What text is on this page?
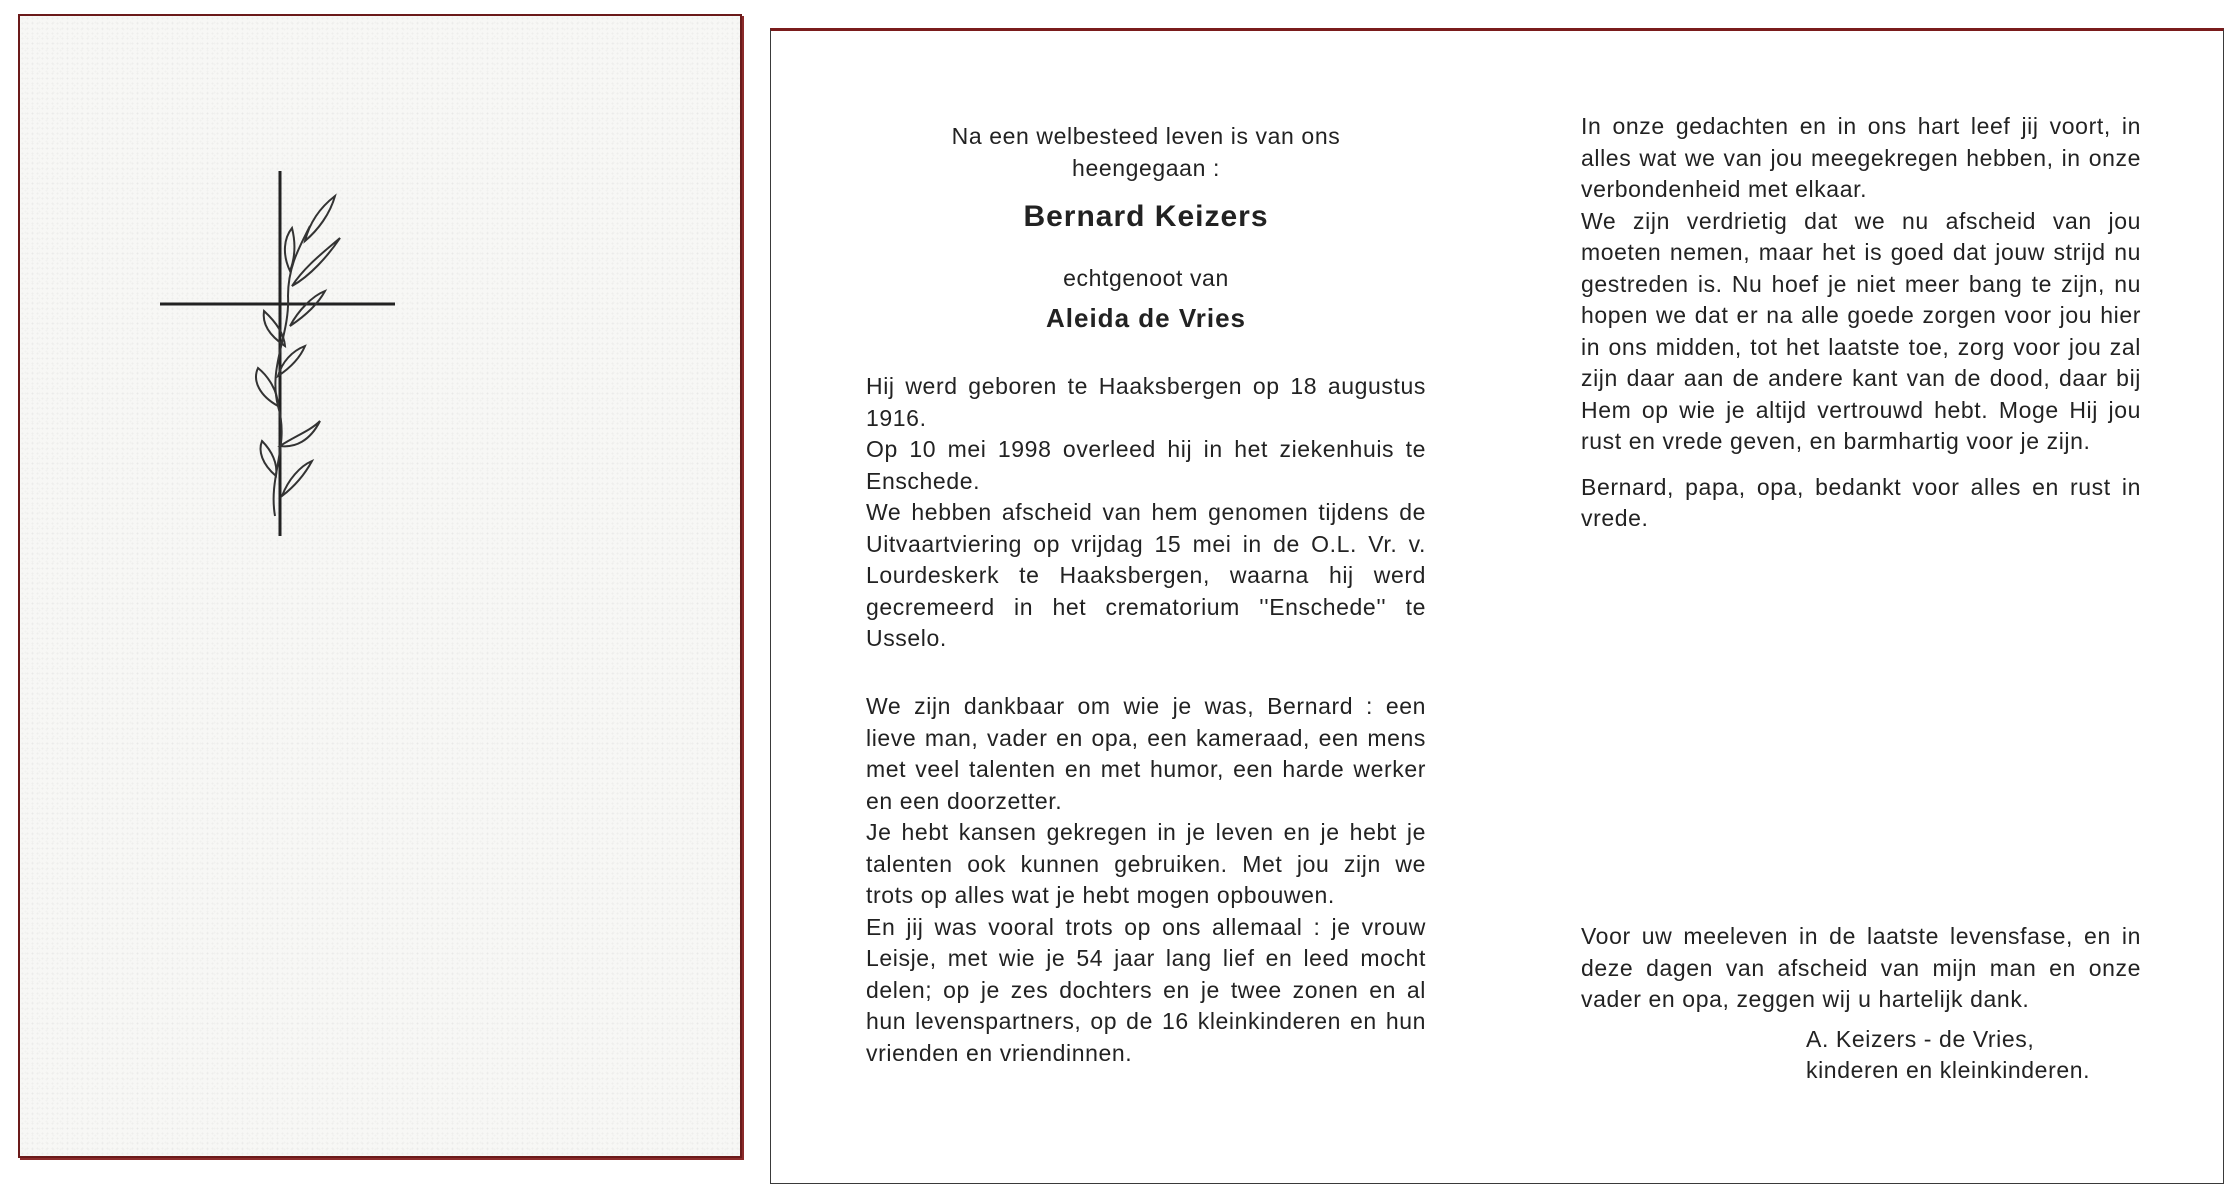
Na een welbesteed leven is van ons heengegaan :

Bernard Keizers

echtgenoot van

Aleida de Vries

Hij werd geboren te Haaksbergen op 18 augustus 1916.

Op 10 mei 1998 overleed hij in het ziekenhuis te Enschede.

We hebben afscheid van hem genomen tijdens de Uitvaartviering op vrijdag 15 mei in de O.L. Vr. v. Lourdeskerk te Haaksbergen, waarna hij werd gecremeerd in het crematorium ''Enschede'' te Usselo.

We zijn dankbaar om wie je was, Bernard : een lieve man, vader en opa, een kameraad, een mens met veel talenten en met humor, een harde werker en een doorzetter.

Je hebt kansen gekregen in je leven en je hebt je talenten ook kunnen gebruiken. Met jou zijn we trots op alles wat je hebt mogen opbouwen.

En jij was vooral trots op ons allemaal : je vrouw Leisje, met wie je 54 jaar lang lief en leed mocht delen; op je zes dochters en je twee zonen en al hun levenspartners, op de 16 kleinkinderen en hun vrienden en vriendinnen.

In onze gedachten en in ons hart leef jij voort, in alles wat we van jou meegekregen hebben, in onze verbondenheid met elkaar.

We zijn verdrietig dat we nu afscheid van jou moeten nemen, maar het is goed dat jouw strijd nu gestreden is. Nu hoef je niet meer bang te zijn, nu hopen we dat er na alle goede zorgen voor jou hier in ons midden, tot het laatste toe, zorg voor jou zal zijn daar aan de andere kant van de dood, daar bij Hem op wie je altijd vertrouwd hebt. Moge Hij jou rust en vrede geven, en barmhartig voor je zijn.

Bernard, papa, opa, bedankt voor alles en rust in vrede.

Voor uw meeleven in de laatste levensfase, en in deze dagen van afscheid van mijn man en onze vader en opa, zeggen wij u hartelijk dank.

A. Keizers - de Vries,

kinderen en kleinkinderen.
